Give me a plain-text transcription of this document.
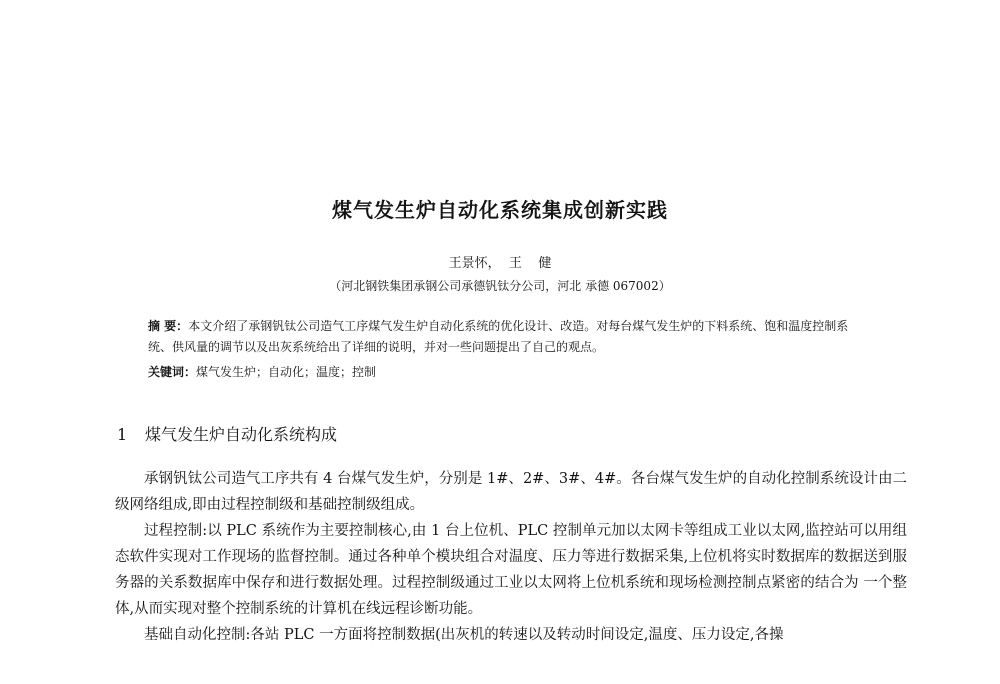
煤气发生炉自动化系统集成创新实践
王景怀，  王    健
（河北钢铁集团承钢公司承德钒钛分公司，河北 承德 067002）
摘 要：本文介绍了承钢钒钛公司造气工序煤气发生炉自动化系统的优化设计、改造。对每台煤气发生炉的下料系统、饱和温度控制系统、供风量的调节以及出灰系统给出了详细的说明，并对一些问题提出了自己的观点。
关键词：煤气发生炉；自动化；温度；控制
1 煤气发生炉自动化系统构成

承钢钒钛公司造气工序共有 4 台煤气发生炉，分别是 1#、2#、3#、4#。各台煤气发生炉的自动化控制系统设计由二级网络组成,即由过程控制级和基础控制级组成。

过程控制:以 PLC 系统作为主要控制核心,由 1 台上位机、PLC 控制单元加以太网卡等组成工业以太网,监控站可以用组态软件实现对工作现场的监督控制。通过各种单个模块组合对温度、压力等进行数据采集,上位机将实时数据库的数据送到服务器的关系数据库中保存和进行数据处理。过程控制级通过工业以太网将上位机系统和现场检测控制点紧密的结合为 一个整体,从而实现对整个控制系统的计算机在线远程诊断功能。

基础自动化控制:各站 PLC 一方面将控制数据(出灰机的转速以及转动时间设定,温度、压力设定,各操
